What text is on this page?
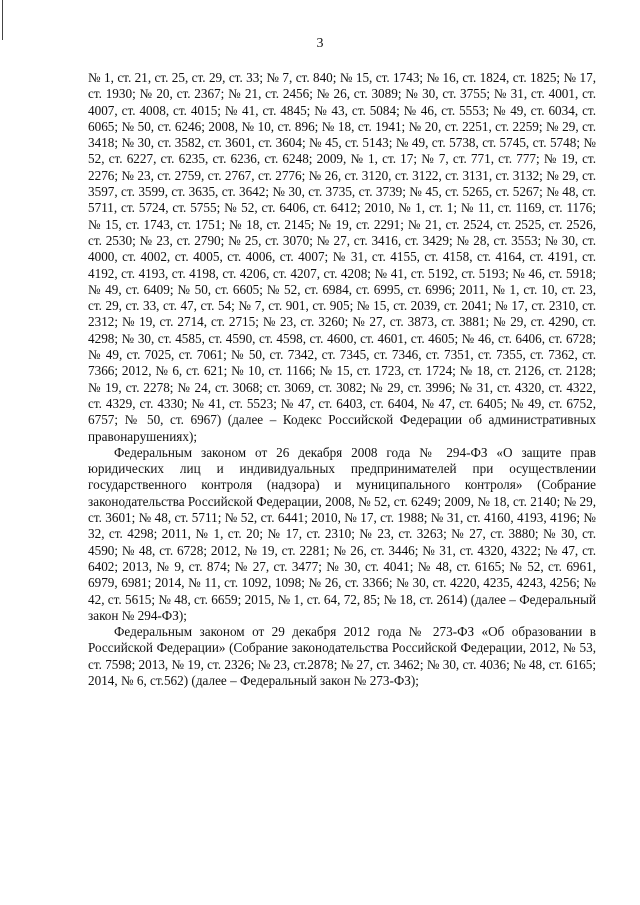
3

№ 1, ст. 21, ст. 25, ст. 29, ст. 33; № 7, ст. 840; № 15, ст. 1743; № 16, ст. 1824, ст. 1825; № 17, ст. 1930; № 20, ст. 2367; № 21, ст. 2456; № 26, ст. 3089; № 30, ст. 3755; № 31, ст. 4001, ст. 4007, ст. 4008, ст. 4015; № 41, ст. 4845; № 43, ст. 5084; № 46, ст. 5553; № 49, ст. 6034, ст. 6065; № 50, ст. 6246; 2008, № 10, ст. 896; № 18, ст. 1941; № 20, ст. 2251, ст. 2259; № 29, ст. 3418; № 30, ст. 3582, ст. 3601, ст. 3604; № 45, ст. 5143; № 49, ст. 5738, ст. 5745, ст. 5748; № 52, ст. 6227, ст. 6235, ст. 6236, ст. 6248; 2009, № 1, ст. 17; № 7, ст. 771, ст. 777; № 19, ст. 2276; № 23, ст. 2759, ст. 2767, ст. 2776; № 26, ст. 3120, ст. 3122, ст. 3131, ст. 3132; № 29, ст. 3597, ст. 3599, ст. 3635, ст. 3642; № 30, ст. 3735, ст. 3739; № 45, ст. 5265, ст. 5267; № 48, ст. 5711, ст. 5724, ст. 5755; № 52, ст. 6406, ст. 6412; 2010, № 1, ст. 1; № 11, ст. 1169, ст. 1176; № 15, ст. 1743, ст. 1751; № 18, ст. 2145; № 19, ст. 2291; № 21, ст. 2524, ст. 2525, ст. 2526, ст. 2530; № 23, ст. 2790; № 25, ст. 3070; № 27, ст. 3416, ст. 3429; № 28, ст. 3553; № 30, ст. 4000, ст. 4002, ст. 4005, ст. 4006, ст. 4007; № 31, ст. 4155, ст. 4158, ст. 4164, ст. 4191, ст. 4192, ст. 4193, ст. 4198, ст. 4206, ст. 4207, ст. 4208; № 41, ст. 5192, ст. 5193; № 46, ст. 5918; № 49, ст. 6409; № 50, ст. 6605; № 52, ст. 6984, ст. 6995, ст. 6996; 2011, № 1, ст. 10, ст. 23, ст. 29, ст. 33, ст. 47, ст. 54; № 7, ст. 901, ст. 905; № 15, ст. 2039, ст. 2041; № 17, ст. 2310, ст. 2312; № 19, ст. 2714, ст. 2715; № 23, ст. 3260; № 27, ст. 3873, ст. 3881; № 29, ст. 4290, ст. 4298; № 30, ст. 4585, ст. 4590, ст. 4598, ст. 4600, ст. 4601, ст. 4605; № 46, ст. 6406, ст. 6728; № 49, ст. 7025, ст. 7061; № 50, ст. 7342, ст. 7345, ст. 7346, ст. 7351, ст. 7355, ст. 7362, ст. 7366; 2012, № 6, ст. 621; № 10, ст. 1166; № 15, ст. 1723, ст. 1724; № 18, ст. 2126, ст. 2128; № 19, ст. 2278; № 24, ст. 3068; ст. 3069, ст. 3082; № 29, ст. 3996; № 31, ст. 4320, ст. 4322, ст. 4329, ст. 4330; № 41, ст. 5523; № 47, ст. 6403, ст. 6404, № 47, ст. 6405; № 49, ст. 6752, 6757; № 50, ст. 6967) (далее – Кодекс Российской Федерации об административных правонарушениях);

Федеральным законом от 26 декабря 2008 года № 294-ФЗ «О защите прав юридических лиц и индивидуальных предпринимателей при осуществлении государственного контроля (надзора) и муниципального контроля» (Собрание законодательства Российской Федерации, 2008, № 52, ст. 6249; 2009, № 18, ст. 2140; № 29, ст. 3601; № 48, ст. 5711; № 52, ст. 6441; 2010, № 17, ст. 1988; № 31, ст. 4160, 4193, 4196; № 32, ст. 4298; 2011, № 1, ст. 20; № 17, ст. 2310; № 23, ст. 3263; № 27, ст. 3880; № 30, ст. 4590; № 48, ст. 6728; 2012, № 19, ст. 2281; № 26, ст. 3446; № 31, ст. 4320, 4322; № 47, ст. 6402; 2013, № 9, ст. 874; № 27, ст. 3477; № 30, ст. 4041; № 48, ст. 6165; № 52, ст. 6961, 6979, 6981; 2014, № 11, ст. 1092, 1098; № 26, ст. 3366; № 30, ст. 4220, 4235, 4243, 4256; № 42, ст. 5615; № 48, ст. 6659; 2015, № 1, ст. 64, 72, 85; № 18, ст. 2614) (далее – Федеральный закон № 294-ФЗ);

Федеральным законом от 29 декабря 2012 года № 273-ФЗ «Об образовании в Российской Федерации» (Собрание законодательства Российской Федерации, 2012, № 53, ст. 7598; 2013, № 19, ст. 2326; № 23, ст.2878; № 27, ст. 3462; № 30, ст. 4036; № 48, ст. 6165; 2014, № 6, ст.562) (далее – Федеральный закон № 273-ФЗ);
